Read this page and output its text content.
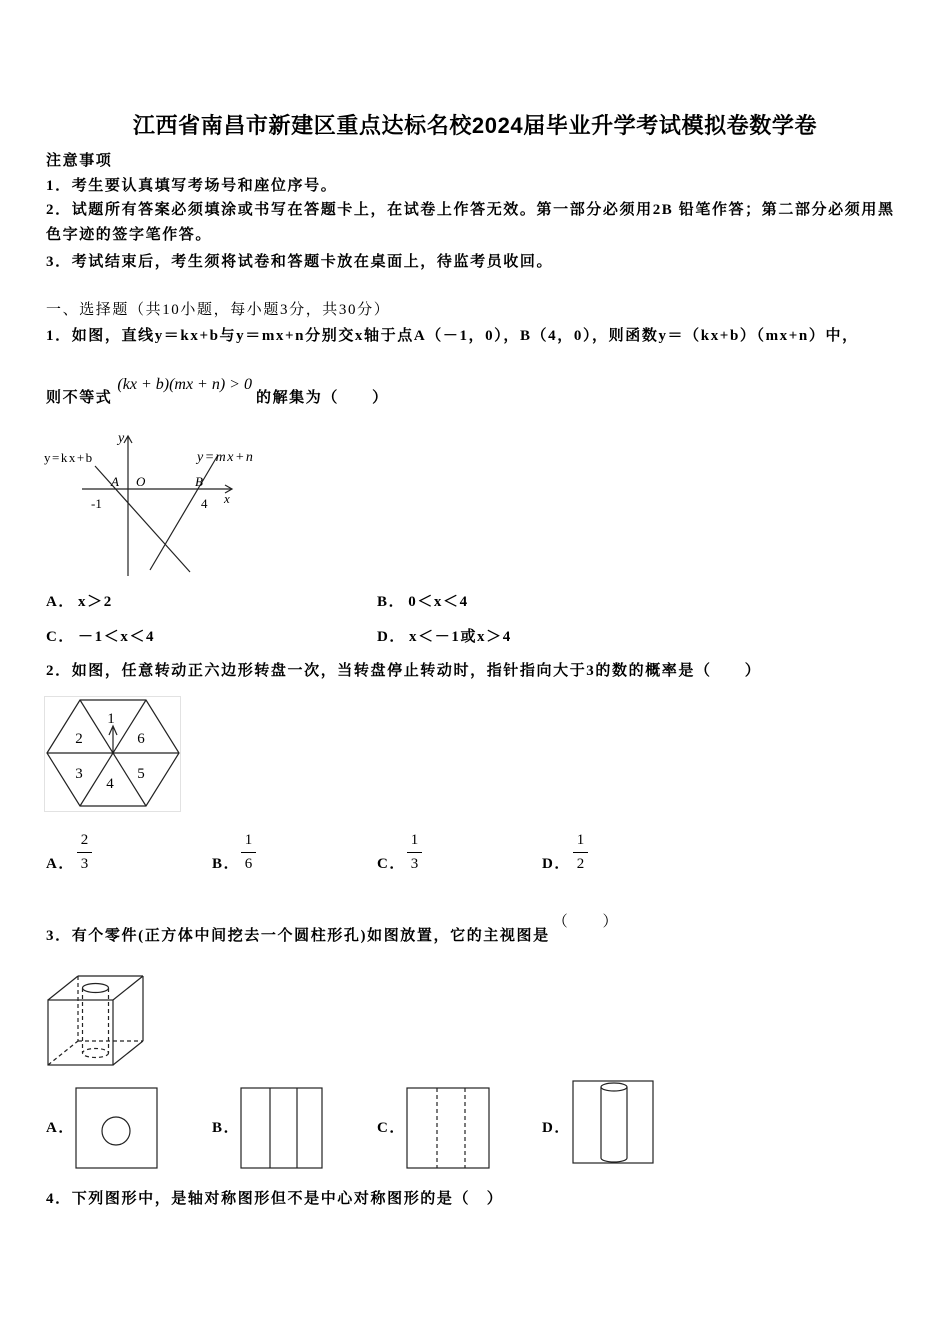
江西省南昌市新建区重点达标名校2024届毕业升学考试模拟卷数学卷
注意事项
1．考生要认真填写考场号和座位序号。
2．试题所有答案必须填涂或书写在答题卡上，在试卷上作答无效。第一部分必须用2B 铅笔作答；第二部分必须用黑
色字迹的签字笔作答。
3．考试结束后，考生须将试卷和答题卡放在桌面上，待监考员收回。
一、选择题（共10小题，每小题3分，共30分）
1．如图，直线y＝kx+b与y＝mx+n分别交x轴于点A（－1，0），B（4，0），则函数y＝（kx+b）（mx+n）中，
则不等式
(kx + b)(mx + n) > 0
的解集为（　　）
y
y=kx+b	y=mx+n
A O	B
-1	4 x
A． x＞2	B． 0＜x＜4
C． －1＜x＜4	D． x＜－1或x＞4
2．如图，任意转动正六边形转盘一次，当转盘停止转动时，指针指向大于3的数的概率是（　　）
1
6
5
4
3
2
A．
2
3	B．
1
6	C．
1
3	D．
1
2
3．有个零件(正方体中间挖去一个圆柱形孔)如图放置，它的主视图是
（　　）
A．	B．	C．	D．
4．下列图形中，是轴对称图形但不是中心对称图形的是（　）
